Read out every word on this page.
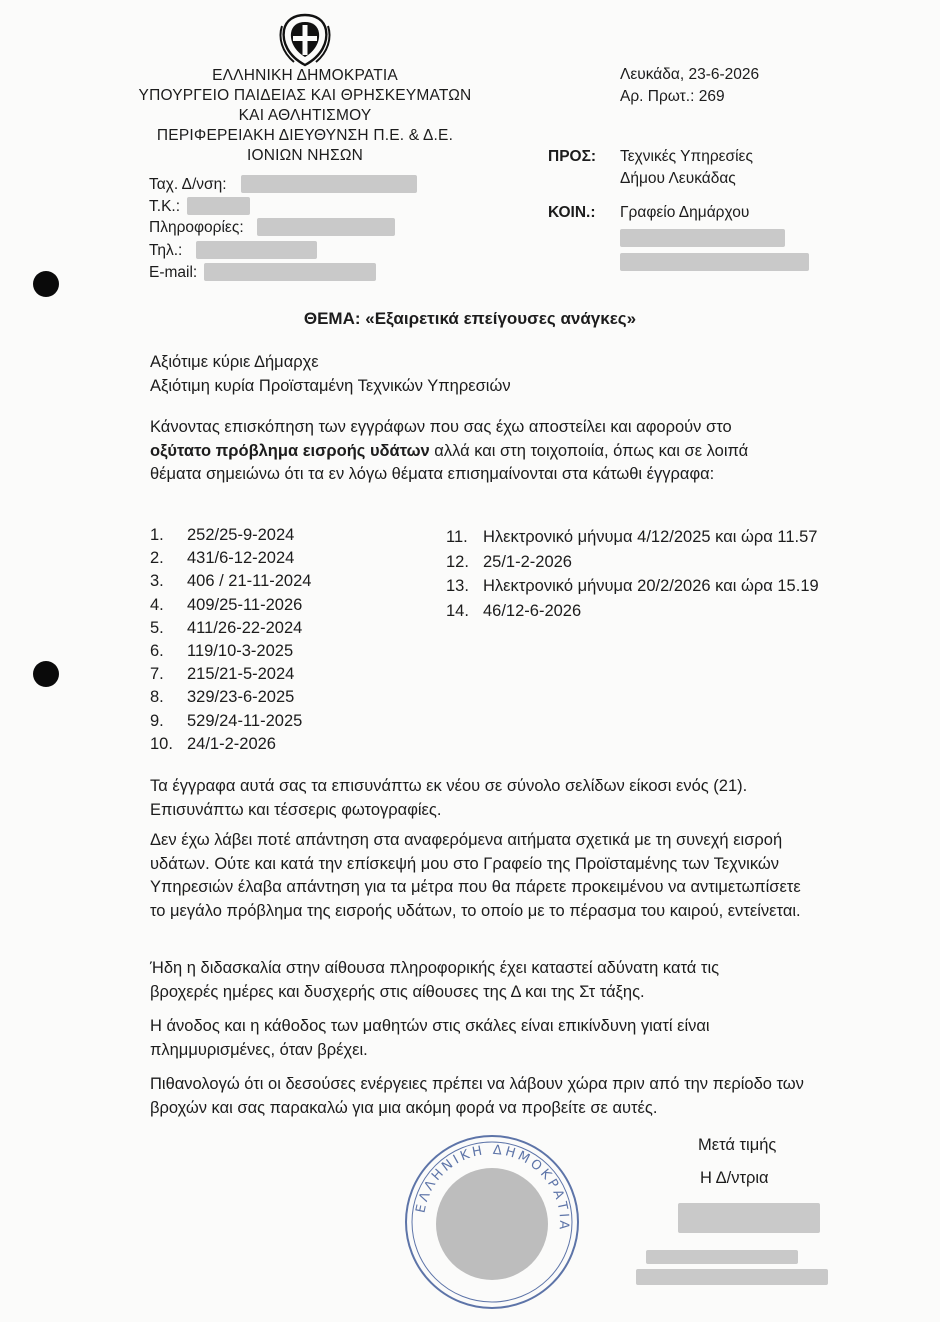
ΕΛΛΗΝΙΚΗ ΔΗΜΟΚΡΑΤΙΑ
ΥΠΟΥΡΓΕΙΟ ΠΑΙΔΕΙΑΣ ΚΑΙ ΘΡΗΣΚΕΥΜΑΤΩΝ
ΚΑΙ ΑΘΛΗΤΙΣΜΟΥ
ΠΕΡΙΦΕΡΕΙΑΚΗ ΔΙΕΥΘΥΝΣΗ Π.Ε. & Δ.Ε.
ΙΟΝΙΩΝ ΝΗΣΩΝ
Ταχ. Δ/νση:
Τ.Κ.:
Πληροφορίες:
Τηλ.:
E-mail:
Λευκάδα, 23-6-2026
Αρ. Πρωτ.: 269
ΠΡΟΣ: Τεχνικές Υπηρεσίες
Δήμου Λευκάδας
ΚΟΙΝ.: Γραφείο Δημάρχου
ΘΕΜΑ: «Εξαιρετικά επείγουσες ανάγκες»
Αξιότιμε κύριε Δήμαρχε
Αξιότιμη κυρία Προϊσταμένη Τεχνικών Υπηρεσιών
Κάνοντας επισκόπηση των εγγράφων που σας έχω αποστείλει και αφορούν στο οξύτατο πρόβλημα εισροής υδάτων αλλά και στη τοιχοποιία, όπως και σε λοιπά θέματα σημειώνω ότι τα εν λόγω θέματα επισημαίνονται στα κάτωθι έγγραφα:
1. 252/25-9-2024
2. 431/6-12-2024
3. 406 / 21-11-2024
4. 409/25-11-2026
5. 411/26-22-2024
6. 119/10-3-2025
7. 215/21-5-2024
8. 329/23-6-2025
9. 529/24-11-2025
10. 24/1-2-2026
11. Ηλεκτρονικό μήνυμα 4/12/2025 και ώρα 11.57
12. 25/1-2-2026
13. Ηλεκτρονικό μήνυμα 20/2/2026 και ώρα 15.19
14. 46/12-6-2026
Τα έγγραφα αυτά σας τα επισυνάπτω εκ νέου σε σύνολο σελίδων είκοσι ενός (21). Επισυνάπτω και τέσσερις φωτογραφίες.
Δεν έχω λάβει ποτέ απάντηση στα αναφερόμενα αιτήματα σχετικά με τη συνεχή εισροή υδάτων. Ούτε και κατά την επίσκεψή μου στο Γραφείο της Προϊσταμένης των Τεχνικών Υπηρεσιών έλαβα απάντηση για τα μέτρα που θα πάρετε προκειμένου να αντιμετωπίσετε το μεγάλο πρόβλημα της εισροής υδάτων, το οποίο με το πέρασμα του καιρού, εντείνεται.
Ήδη η διδασκαλία στην αίθουσα πληροφορικής έχει καταστεί αδύνατη κατά τις βροχερές ημέρες και δυσχερής στις αίθουσες της Δ και της Στ τάξης.
Η άνοδος και η κάθοδος των μαθητών στις σκάλες είναι επικίνδυνη γιατί είναι πλημμυρισμένες, όταν βρέχει.
Πιθανολογώ ότι οι δεσούσες ενέργειες πρέπει να λάβουν χώρα πριν από την περίοδο των βροχών και σας παρακαλώ για μια ακόμη φορά να προβείτε σε αυτές.
Μετά τιμής
Η Δ/ντρια
ΕΛΛΗΝΙΚΗ ΔΗΜΟΚΡΑΤΙΑ
